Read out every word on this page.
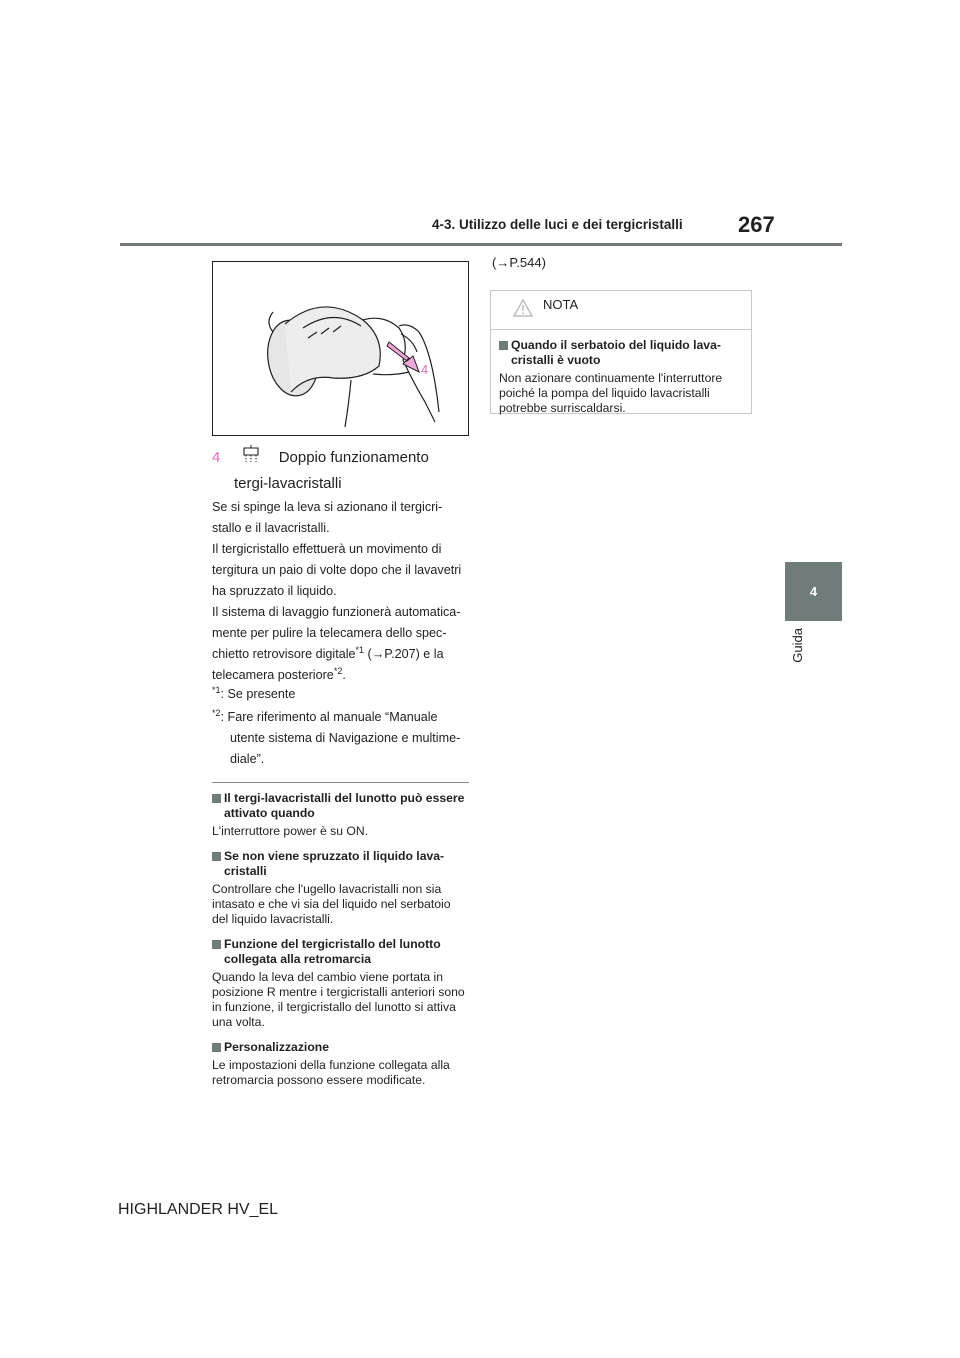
4-3. Utilizzo delle luci e dei tergicristalli	267
4
Guida
4
4	Doppio funzionamento
tergi-lavacristalli
Se si spinge la leva si azionano il tergicri-
stallo e il lavacristalli.
Il tergicristallo effettuerà un movimento di
tergitura un paio di volte dopo che il lavavetri
ha spruzzato il liquido.
Il sistema di lavaggio funzionerà automatica-
mente per pulire la telecamera dello spec-
chietto retrovisore digitale$^{*1}$ (→P.207) e la
telecamera posteriore$^{*2}$.
$^{*1}$: Se presente
$^{*2}$: Fare riferimento al manuale “Manuale
utente sistema di Navigazione e multime-
diale”.
Il tergi-lavacristalli del lunotto può essere attivato quando
L'interruttore power è su ON.
Se non viene spruzzato il liquido lava-cristalli
Controllare che l'ugello lavacristalli non sia intasato e che vi sia del liquido nel serbatoio del liquido lavacristalli.
Funzione del tergicristallo del lunotto collegata alla retromarcia
Quando la leva del cambio viene portata in posizione R mentre i tergicristalli anteriori sono in funzione, il tergicristallo del lunotto si attiva una volta.
Personalizzazione
Le impostazioni della funzione collegata alla retromarcia possono essere modificate.
(→P.544)
NOTA
Quando il serbatoio del liquido lava-cristalli è vuoto
Non azionare continuamente l'interruttore poiché la pompa del liquido lavacristalli potrebbe surriscaldarsi.
HIGHLANDER HV_EL
